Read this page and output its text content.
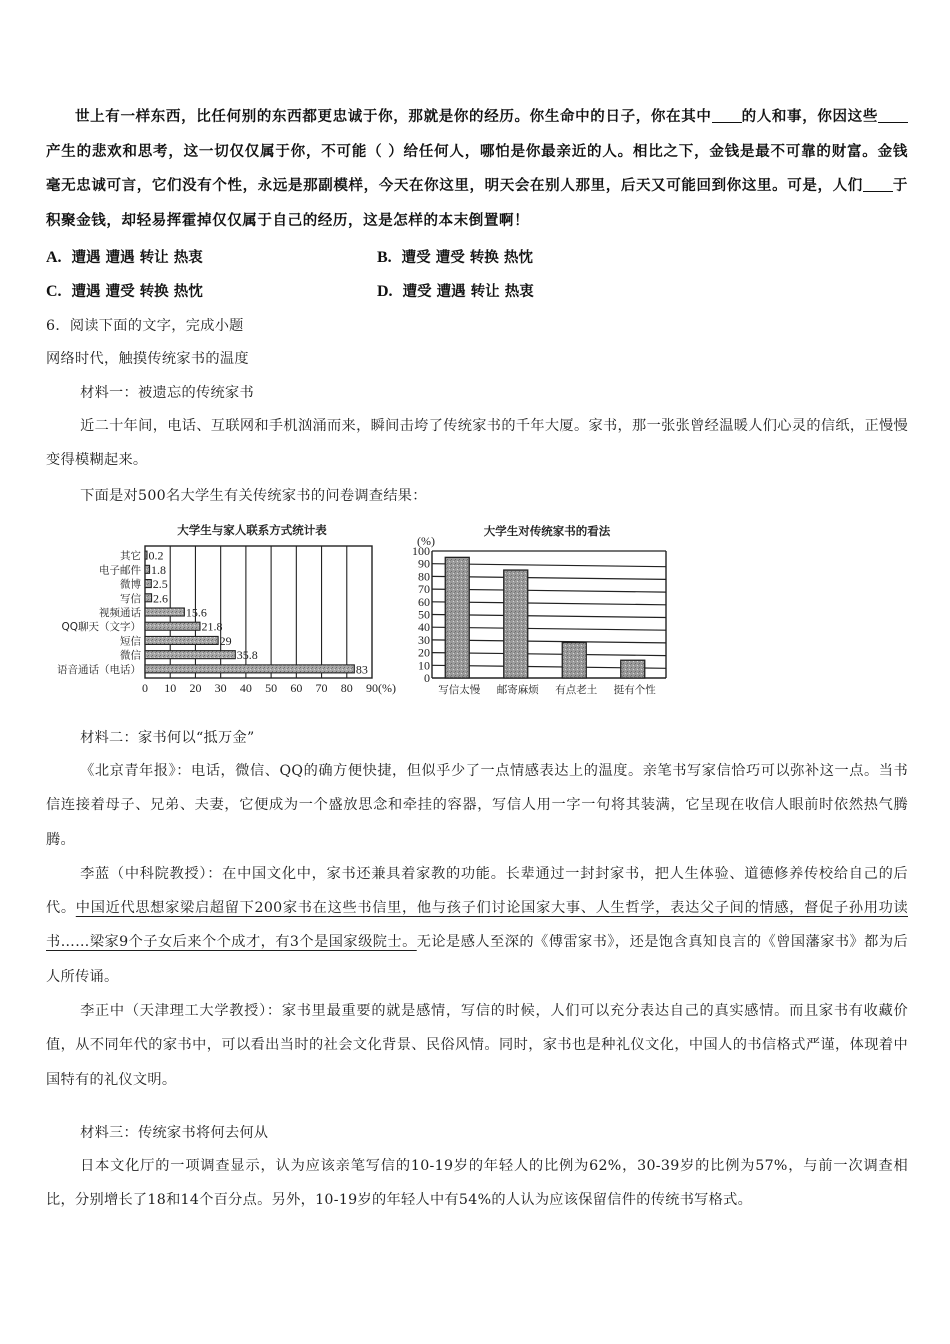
世上有一样东西，比任何别的东西都更忠诚于你，那就是你的经历。你生命中的日子，你在其中 的人和事，你因这些产生的悲欢和思考，这一切仅仅属于你，不可能（ ）给任何人，哪怕是你最亲近的人。相比之下，金钱是最不可靠的财富。金钱毫无忠诚可言，它们没有个性，永远是那副模样，今天在你这里，明天会在别人那里，后天又可能回到你这里。可是，人们 于积聚金钱，却轻易挥霍掉仅仅属于自己的经历，这是怎样的本末倒置啊！

A. 遭遇 遭遇 转让 热衷	B. 遭受 遭受 转换 热忱
C. 遭遇 遭受 转换 热忱	D. 遭受 遭遇 转让 热衷

6．阅读下面的文字，完成小题

网络时代，触摸传统家书的温度

材料一：被遗忘的传统家书

近二十年间，电话、互联网和手机汹涌而来，瞬间击垮了传统家书的千年大厦。家书，那一张张曾经温暖人们心灵的信纸，正慢慢变得模糊起来。

下面是对500名大学生有关传统家书的问卷调查结果：

大学生与家人联系方式统计表
其它 0.2
电子邮件 1.8
微博 2.5
写信 2.6
视频通话	15.6
QQ聊天（文字）	21.8
短信	29
微信	35.8
语音通话（电话）	83
0 10 20 30 40 50 60 70 80 90(%)
大学生对传统家书的看法
(%)
0
10
20
30
40
50
60
70
80
90
100
写信太慢 邮寄麻烦 有点老土 挺有个性

材料二：家书何以“抵万金”

《北京青年报》：电话，微信、QQ的确方便快捷，但似乎少了一点情感表达上的温度。亲笔书写家信恰巧可以弥补这一点。当书信连接着母子、兄弟、夫妻，它便成为一个盛放思念和牵挂的容器，写信人用一字一句将其装满，它呈现在收信人眼前时依然热气腾腾。

李蓝（中科院教授）：在中国文化中，家书还兼具着家教的功能。长辈通过一封封家书，把人生体验、道德修养传校给自己的后代。中国近代思想家梁启超留下200家书在这些书信里，他与孩子们讨论国家大事、人生哲学，表达父子间的情感，督促子孙用功读书……梁家9个子女后来个个成才，有3个是国家级院士。无论是感人至深的《傅雷家书》，还是饱含真知良言的《曾国藩家书》都为后人所传诵。

李正中（天津理工大学教授）：家书里最重要的就是感情，写信的时候，人们可以充分表达自己的真实感情。而且家书有收藏价值，从不同年代的家书中，可以看出当时的社会文化背景、民俗风情。同时，家书也是种礼仪文化，中国人的书信格式严谨，体现着中国特有的礼仪文明。

材料三：传统家书将何去何从

日本文化厅的一项调查显示，认为应该亲笔写信的10-19岁的年轻人的比例为62%，30-39岁的比例为57%，与前一次调查相比，分别增长了18和14个百分点。另外，10-19岁的年轻人中有54%的人认为应该保留信件的传统书写格式。
